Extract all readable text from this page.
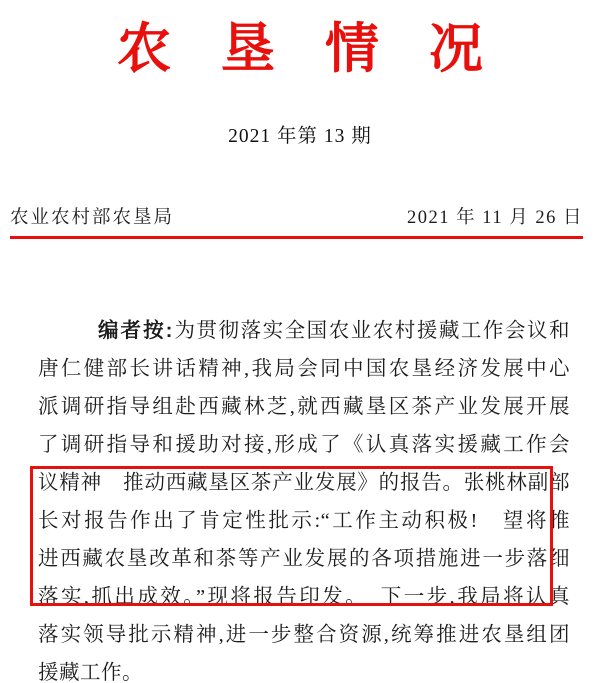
农垦情况
2021 年第 13 期
农业农村部农垦局	2021 年 11 月 26 日
编者按:为贯彻落实全国农业农村援藏工作会议和
唐仁健部长讲话精神,我局会同中国农垦经济发展中心
派调研指导组赴西藏林芝,就西藏垦区茶产业发展开展
了调研指导和援助对接,形成了《认真落实援藏工作会
议精神　推动西藏垦区茶产业发展》的报告。张桃林副部
长对报告作出了肯定性批示:“工作主动积极!　望将推
进西藏农垦改革和茶等产业发展的各项措施进一步落细
落实,抓出成效。”现将报告印发。　下一步,我局将认真
落实领导批示精神,进一步整合资源,统筹推进农垦组团
援藏工作。
